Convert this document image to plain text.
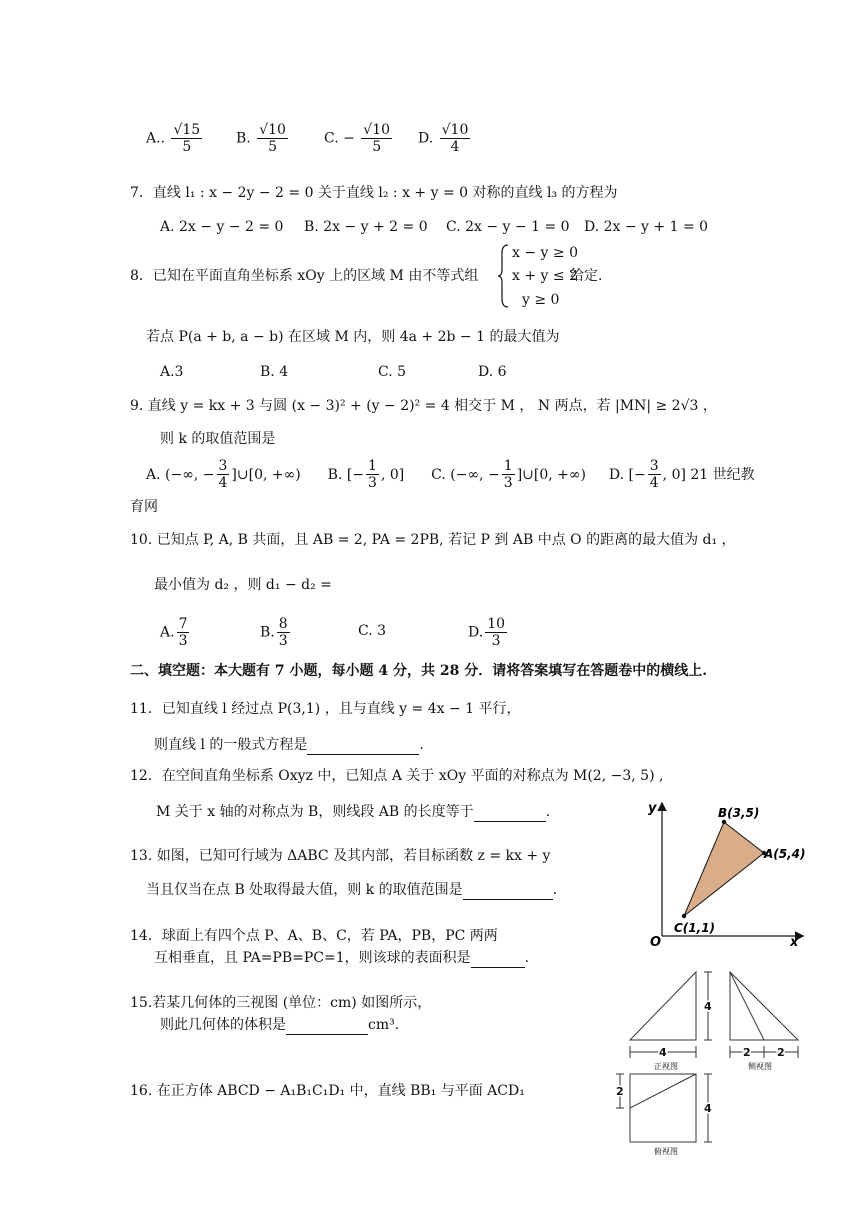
A.. $\frac{√15}{5} B$. $\frac{√10}{5}$	C. − $\frac{√10}{5} D$. $\frac{√10}{4}$
7．直线 l₁ : x − 2y − 2 = 0 关于直线 l₂ : x + y = 0 对称的直线 l₃ 的方程为
A. 2x − y − 2 = 0 B. 2x − y + 2 = 0 C. 2x − y − 1 = 0 D. 2x − y + 1 = 0
8．已知在平面直角坐标系 xOy 上的区域 M 由不等式组
x − y ≥ 0
x + y ≤ 2
给定.
y ≥ 0
若点 P(a + b, a − b) 在区域 M 内，则 4a + 2b − 1 的最大值为
A.3	B. 4	C. 5	D. 6
9. 直线 y = kx + 3 与圆 (x − 3)² + (y − 2)² = 4 相交于 M ， N 两点，若 |MN| ≥ 2√3 ，
则 k 的取值范围是
A. (−∞, − $\frac{3}{4}$ ]∪[0, +∞) B. [− $\frac{1}{3}$ , 0] C. (−∞, − $\frac{1}{3}$ ]∪[0, +∞) D. [− $\frac{3}{4}$ , 0] 21 世纪教
育网
10. 已知点 P, A, B 共面，且 AB = 2, PA = 2PB, 若记 P 到 AB 中点 O 的距离的最大值为 d₁ ，
最小值为 d₂ ，则 d₁ − d₂ =
A. $\frac{7}{3}$	B. $\frac{8}{3}$	C. 3	D. $\frac{10}{3}$
二、填空题：本大题有 7 小题，每小题 4 分，共 28 分．请将答案填写在答题卷中的横线上.
11．已知直线 l 经过点 P(3,1) ，且与直线 y = 4x − 1 平行，
则直线 l 的一般式方程是	.
12．在空间直角坐标系 Oxyz 中，已知点 A 关于 xOy 平面的对称点为 M(2, −3, 5) ,
M 关于 x 轴的对称点为 B，则线段 AB 的长度等于	.
13. 如图，已知可行域为 ΔABC 及其内部，若目标函数 z = kx + y
当且仅当在点 B 处取得最大值，则 k 的取值范围是	.
14．球面上有四个点 P、A、B、C，若 PA，PB，PC 两两
互相垂直，且 PA=PB=PC=1，则该球的表面积是	.
15.若某几何体的三视图 (单位：cm) 如图所示，
则此几何体的体积是	cm³.
16. 在正方体 ABCD − A₁B₁C₁D₁ 中，直线 BB₁ 与平面 ACD₁
y
x
O
B(3,5)
A(5,4)
C(1,1)
4
4
正视图
2 2
侧视图
2
4
俯视图
